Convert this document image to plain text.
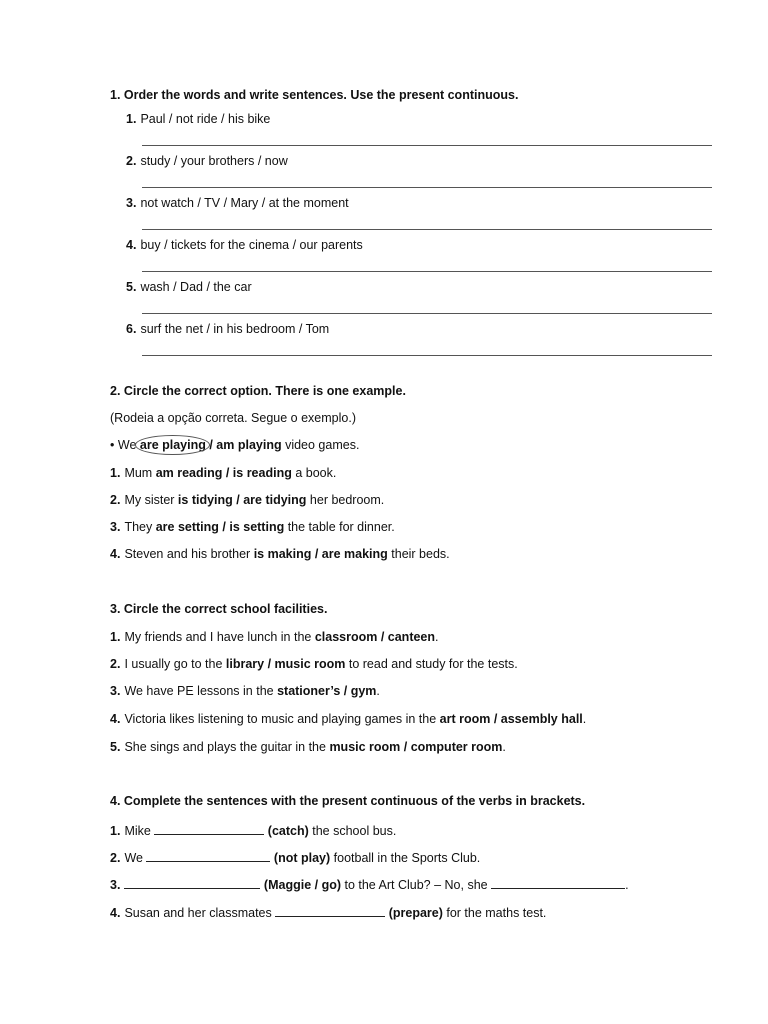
1. Order the words and write sentences. Use the present continuous.
1. Paul / not ride / his bike
2. study / your brothers / now
3. not watch / TV / Mary / at the moment
4. buy / tickets for the cinema / our parents
5. wash / Dad / the car
6. surf the net / in his bedroom / Tom
2. Circle the correct option. There is one example.
(Rodeia a opção correta. Segue o exemplo.)
• We are playing / am playing video games.
1. Mum am reading / is reading a book.
2. My sister is tidying / are tidying her bedroom.
3. They are setting / is setting the table for dinner.
4. Steven and his brother is making / are making their beds.
3. Circle the correct school facilities.
1. My friends and I have lunch in the classroom / canteen.
2. I usually go to the library / music room to read and study for the tests.
3. We have PE lessons in the stationer’s / gym.
4. Victoria likes listening to music and playing games in the art room / assembly hall.
5. She sings and plays the guitar in the music room / computer room.
4. Complete the sentences with the present continuous of the verbs in brackets.
1. Mike	(catch) the school bus.
2. We	(not play) football in the Sports Club.
3.	(Maggie / go) to the Art Club? – No, she	.
4. Susan and her classmates	(prepare) for the maths test.
